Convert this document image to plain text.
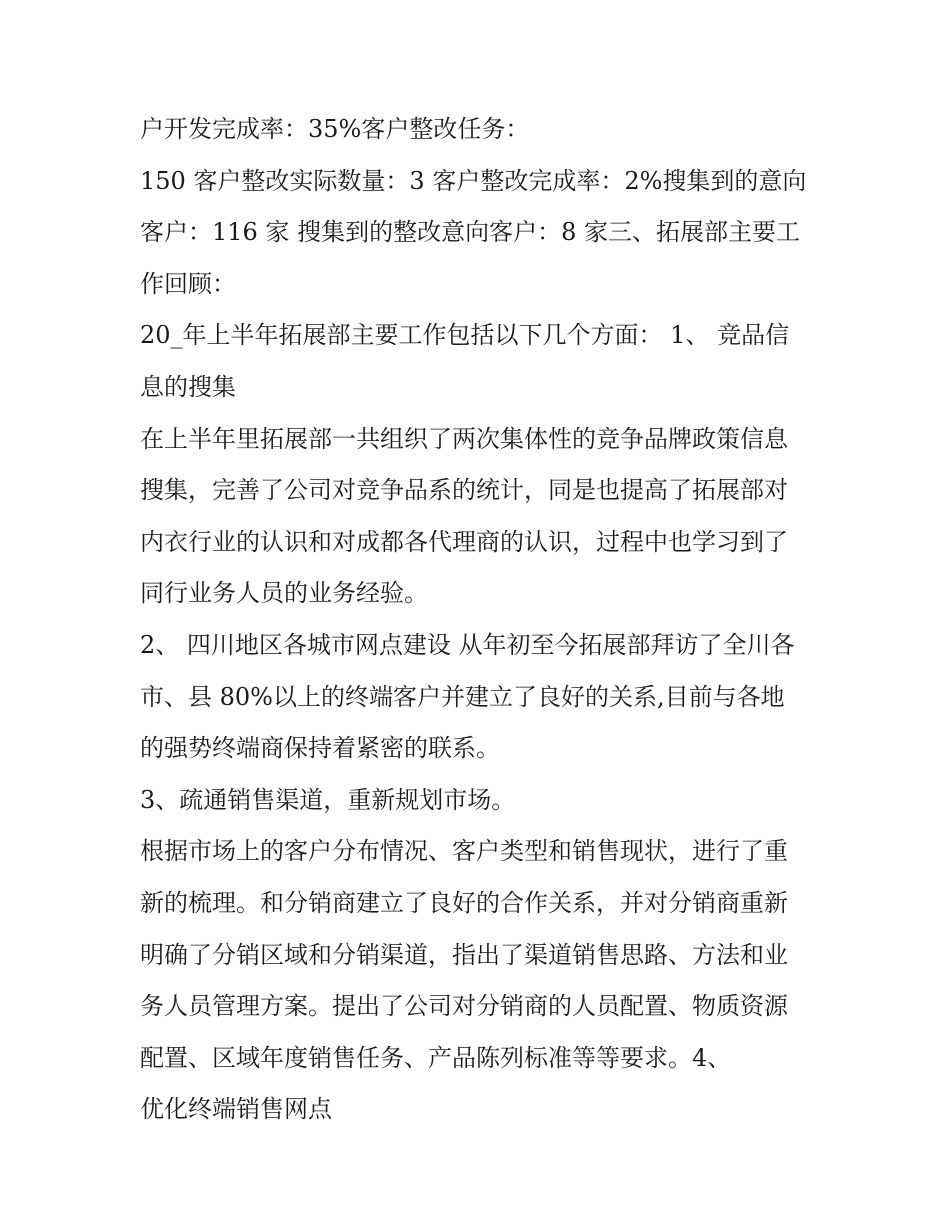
户开发完成率：35%客户整改任务：
150 客户整改实际数量：3 客户整改完成率：2%搜集到的意向
客户：116 家 搜集到的整改意向客户：8 家三、拓展部主要工
作回顾：
20_年上半年拓展部主要工作包括以下几个方面： 1、 竞品信
息的搜集
在上半年里拓展部一共组织了两次集体性的竞争品牌政策信息
搜集，完善了公司对竞争品系的统计，同是也提高了拓展部对
内衣行业的认识和对成都各代理商的认识，过程中也学习到了
同行业务人员的业务经验。
2、 四川地区各城市网点建设 从年初至今拓展部拜访了全川各
市、县 80%以上的终端客户并建立了良好的关系,目前与各地
的强势终端商保持着紧密的联系。
3、疏通销售渠道，重新规划市场。
根据市场上的客户分布情况、客户类型和销售现状，进行了重
新的梳理。和分销商建立了良好的合作关系，并对分销商重新
明确了分销区域和分销渠道，指出了渠道销售思路、方法和业
务人员管理方案。提出了公司对分销商的人员配置、物质资源
配置、区域年度销售任务、产品陈列标准等等要求。4、
优化终端销售网点
